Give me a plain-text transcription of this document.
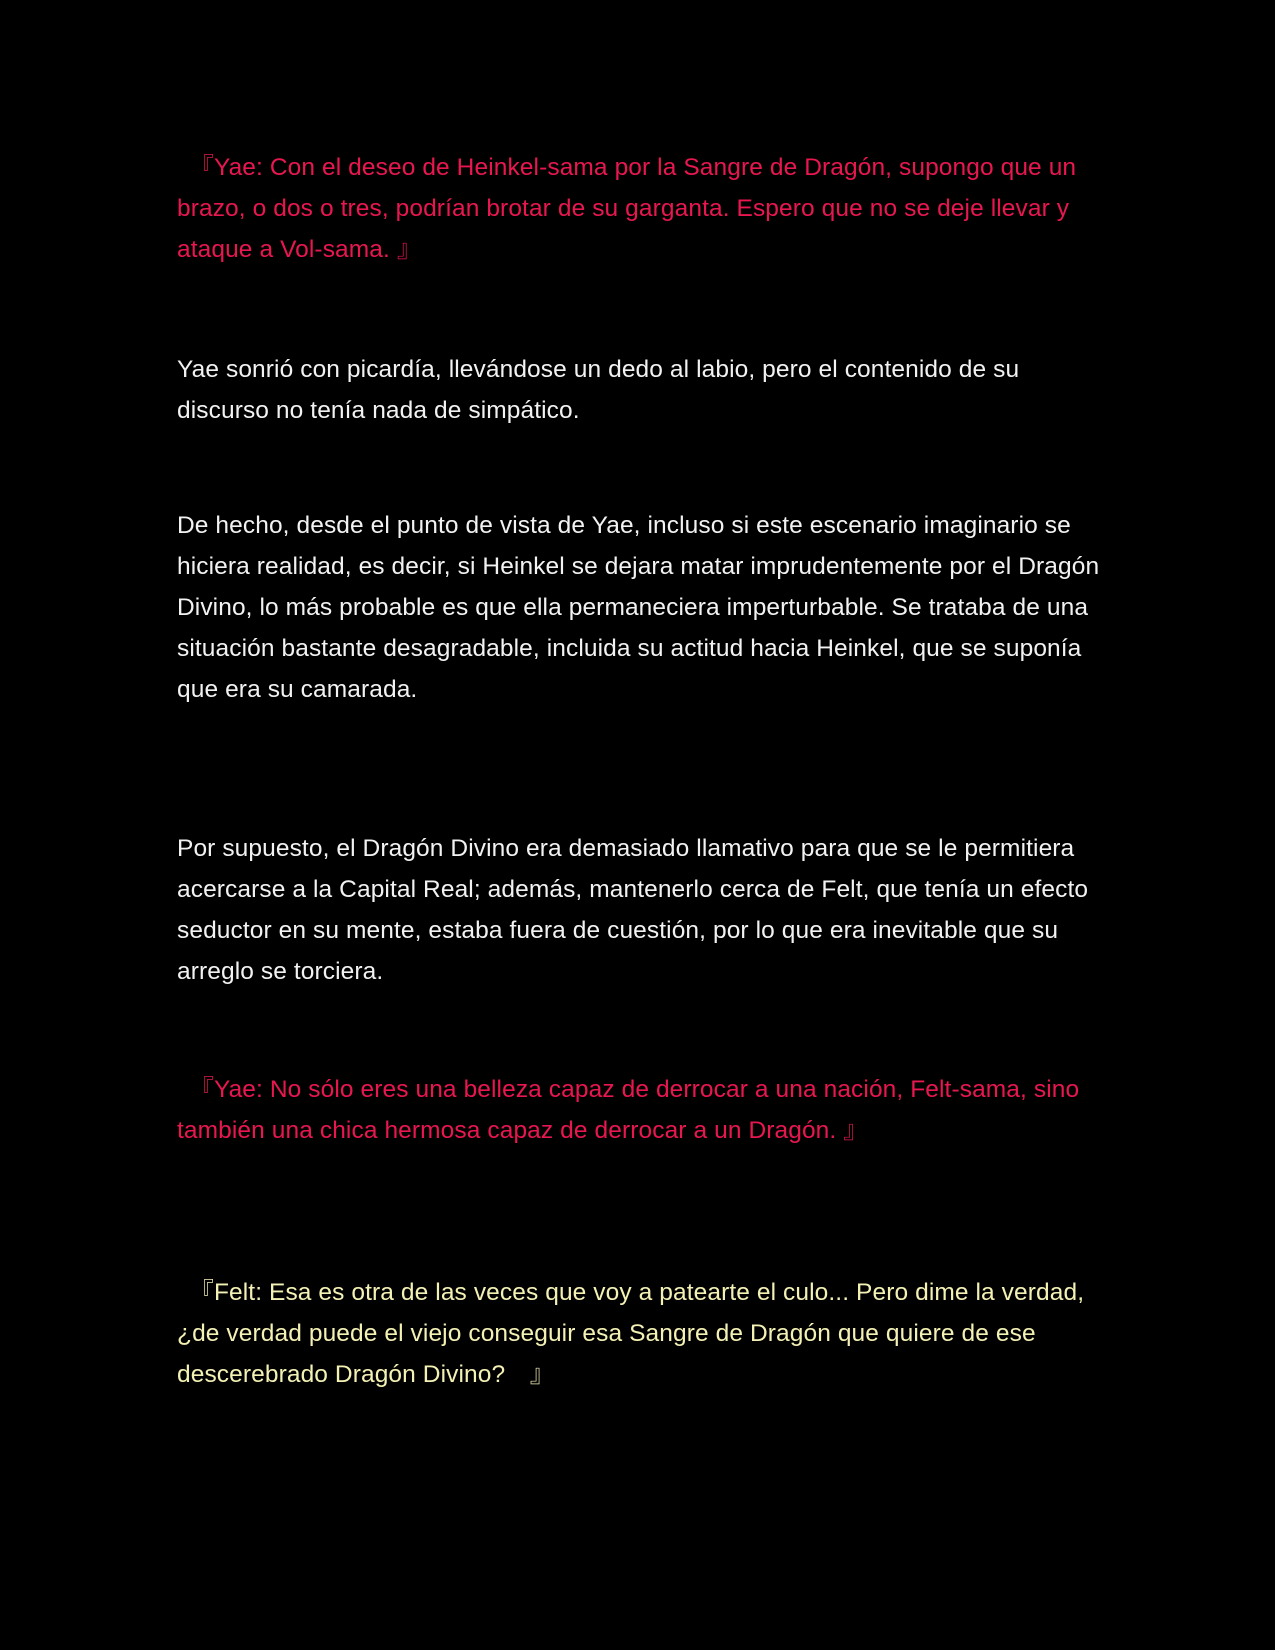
　『Yae: Con el deseo de Heinkel-sama por la Sangre de Dragón, supongo que un brazo, o dos o tres, podrían brotar de su garganta. Espero que no se deje llevar y ataque a Vol-sama. 』

Yae sonrió con picardía, llevándose un dedo al labio, pero el contenido de su discurso no tenía nada de simpático.

De hecho, desde el punto de vista de Yae, incluso si este escenario imaginario se hiciera realidad, es decir, si Heinkel se dejara matar imprudentemente por el Dragón Divino, lo más probable es que ella permaneciera imperturbable. Se trataba de una situación bastante desagradable, incluida su actitud hacia Heinkel, que se suponía que era su camarada.

Por supuesto, el Dragón Divino era demasiado llamativo para que se le permitiera acercarse a la Capital Real; además, mantenerlo cerca de Felt, que tenía un efecto seductor en su mente, estaba fuera de cuestión, por lo que era inevitable que su arreglo se torciera.

　『Yae: No sólo eres una belleza capaz de derrocar a una nación, Felt-sama, sino también una chica hermosa capaz de derrocar a un Dragón. 』

　『Felt: Esa es otra de las veces que voy a patearte el culo... Pero dime la verdad, ¿de verdad puede el viejo conseguir esa Sangre de Dragón que quiere de ese descerebrado Dragón Divino?　』
